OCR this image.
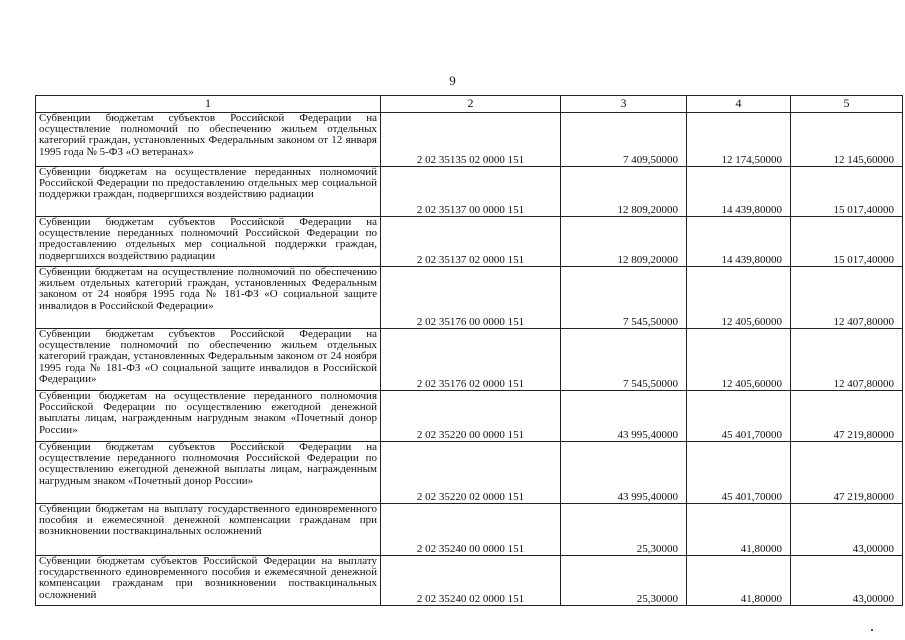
9
1	2	3	4	5
Субвенции бюджетам субъектов Российской Федерации на осуществление полномочий по обеспечению жильем отдельных категорий граждан, установленных Федеральным законом от 12 января 1995 года № 5-ФЗ «О ветеранах»	2 02 35135 02 0000 151	7 409,50000	12 174,50000	12 145,60000
Субвенции бюджетам на осуществление переданных полномочий Российской Федерации по предоставлению отдельных мер социальной поддержки граждан, подвергшихся воздействию радиации	2 02 35137 00 0000 151	12 809,20000	14 439,80000	15 017,40000
Субвенции бюджетам субъектов Российской Федерации на осуществление переданных полномочий Российской Федерации по предоставлению отдельных мер социальной поддержки граждан, подвергшихся воздействию радиации	2 02 35137 02 0000 151	12 809,20000	14 439,80000	15 017,40000
Субвенции бюджетам на осуществление полномочий по обеспечению жильем отдельных категорий граждан, установленных Федеральным законом от 24 ноября 1995 года № 181-ФЗ «О социальной защите инвалидов в Российской Федерации»	2 02 35176 00 0000 151	7 545,50000	12 405,60000	12 407,80000
Субвенции бюджетам субъектов Российской Федерации на осуществление полномочий по обеспечению жильем отдельных категорий граждан, установленных Федеральным законом от 24 ноября 1995 года № 181-ФЗ «О социальной защите инвалидов в Российской Федерации»	2 02 35176 02 0000 151	7 545,50000	12 405,60000	12 407,80000
Субвенции бюджетам на осуществление переданного полномочия Российской Федерации по осуществлению ежегодной денежной выплаты лицам, награжденным нагрудным знаком «Почетный донор России»	2 02 35220 00 0000 151	43 995,40000	45 401,70000	47 219,80000
Субвенции бюджетам субъектов Российской Федерации на осуществление переданного полномочия Российской Федерации по осуществлению ежегодной денежной выплаты лицам, награжденным нагрудным знаком «Почетный донор России»	2 02 35220 02 0000 151	43 995,40000	45 401,70000	47 219,80000
Субвенции бюджетам на выплату государственного единовременного пособия и ежемесячной денежной компенсации гражданам при возникновении поствакцинальных осложнений	2 02 35240 00 0000 151	25,30000	41,80000	43,00000
Субвенции бюджетам субъектов Российской Федерации на выплату государственного единовременного пособия и ежемесячной денежной компенсации гражданам при возникновении поствакцинальных осложнений	2 02 35240 02 0000 151	25,30000	41,80000	43,00000
